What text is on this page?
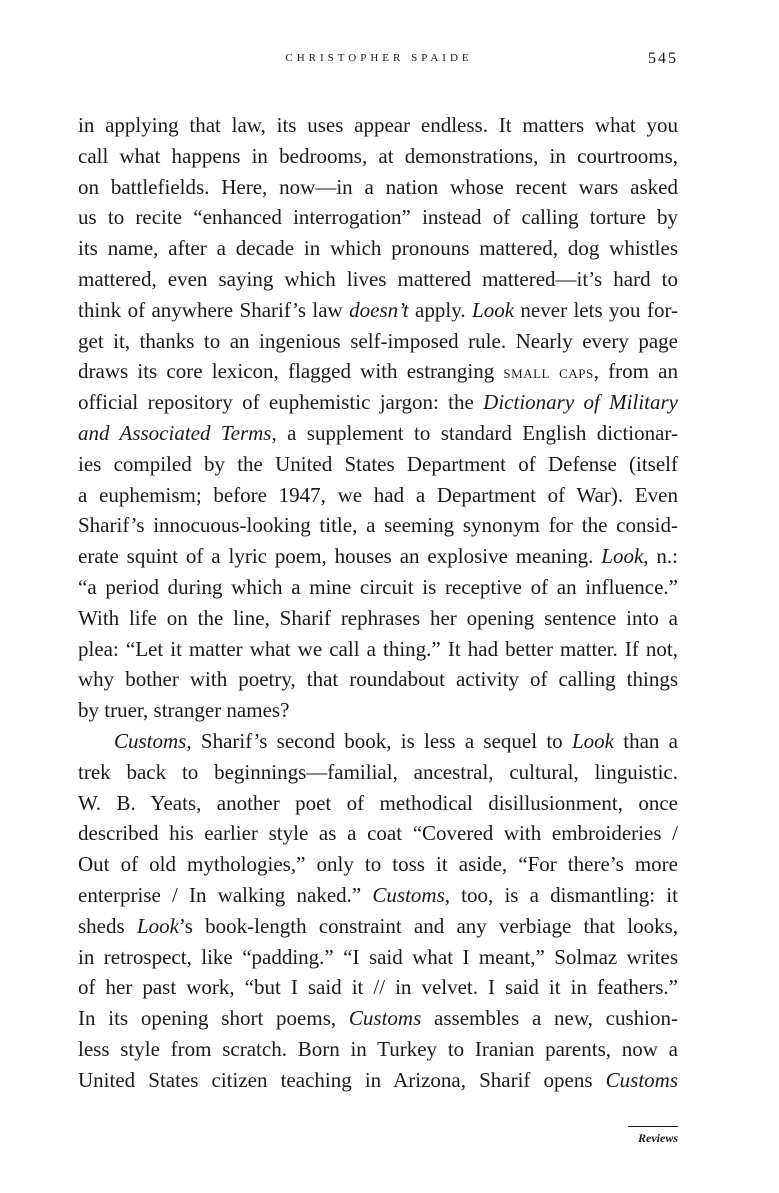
CHRISTOPHER SPAIDE	545
in applying that law, its uses appear endless. It matters what you
call what happens in bedrooms, at demonstrations, in courtrooms,
on battlefields. Here, now—in a nation whose recent wars asked
us to recite “enhanced interrogation” instead of calling torture by
its name, after a decade in which pronouns mattered, dog whistles
mattered, even saying which lives mattered mattered—it’s hard to
think of anywhere Sharif’s law doesn’t apply. Look never lets you for-
get it, thanks to an ingenious self-imposed rule. Nearly every page
draws its core lexicon, flagged with estranging small caps, from an
official repository of euphemistic jargon: the Dictionary of Military
and Associated Terms, a supplement to standard English dictionar-
ies compiled by the United States Department of Defense (itself
a euphemism; before 1947, we had a Department of War). Even
Sharif’s innocuous-looking title, a seeming synonym for the consid-
erate squint of a lyric poem, houses an explosive meaning. Look, n.:
“a period during which a mine circuit is receptive of an influence.”
With life on the line, Sharif rephrases her opening sentence into a
plea: “Let it matter what we call a thing.” It had better matter. If not,
why bother with poetry, that roundabout activity of calling things
by truer, stranger names?
Customs, Sharif’s second book, is less a sequel to Look than a
trek back to beginnings—familial, ancestral, cultural, linguistic.
W. B. Yeats, another poet of methodical disillusionment, once
described his earlier style as a coat “Covered with embroideries /
Out of old mythologies,” only to toss it aside, “For there’s more
enterprise / In walking naked.” Customs, too, is a dismantling: it
sheds Look’s book-length constraint and any verbiage that looks,
in retrospect, like “padding.” “I said what I meant,” Solmaz writes
of her past work, “but I said it // in velvet. I said it in feathers.”
In its opening short poems, Customs assembles a new, cushion-
less style from scratch. Born in Turkey to Iranian parents, now a
United States citizen teaching in Arizona, Sharif opens Customs
Reviews
